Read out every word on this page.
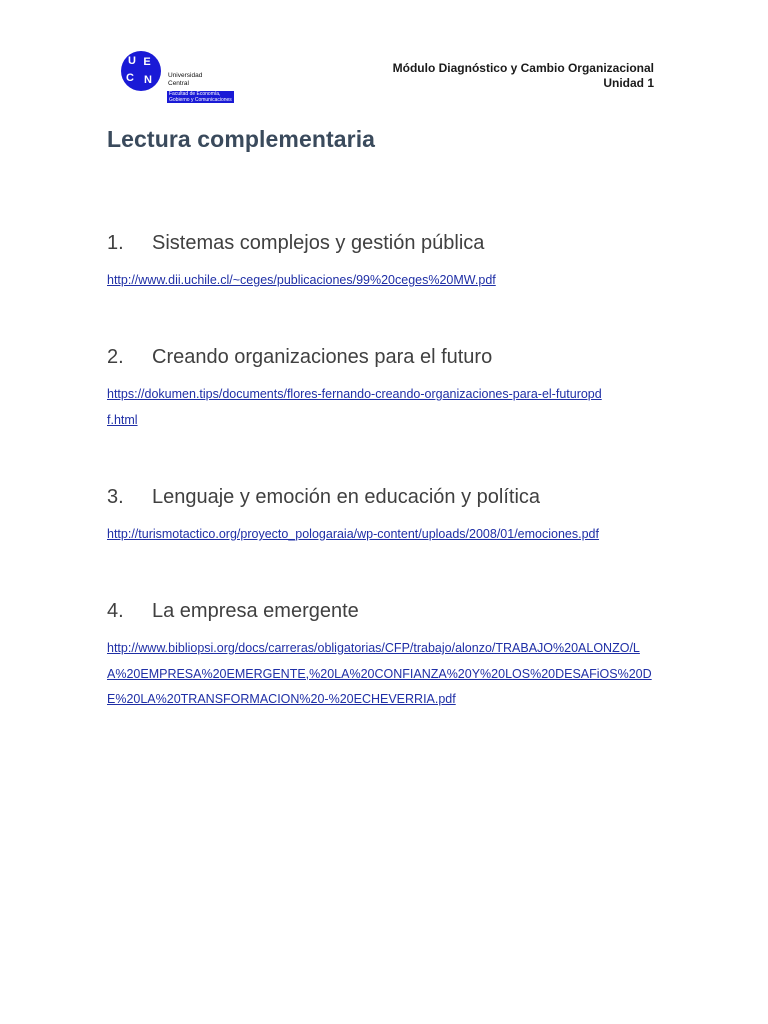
U
C
E
N Universidad
Central
Facultad de Economía,
Gobierno y Comunicaciones
Módulo Diagnóstico y Cambio Organizacional
Unidad 1
Lectura complementaria

1. Sistemas complejos y gestión pública

http://www.dii.uchile.cl/~ceges/publicaciones/99%20ceges%20MW.pdf

2. Creando organizaciones para el futuro

https://dokumen.tips/documents/flores-fernando-creando-organizaciones-para-el-futuropdf.html

3. Lenguaje y emoción en educación y política

http://turismotactico.org/proyecto_pologaraia/wp-content/uploads/2008/01/emociones.pdf

4. La empresa emergente

http://www.bibliopsi.org/docs/carreras/obligatorias/CFP/trabajo/alonzo/TRABAJO%20ALONZO/LA%20EMPRESA%20EMERGENTE,%20LA%20CONFIANZA%20Y%20LOS%20DESAFiOS%20DE%20LA%20TRANSFORMACION%20-%20ECHEVERRIA.pdf
